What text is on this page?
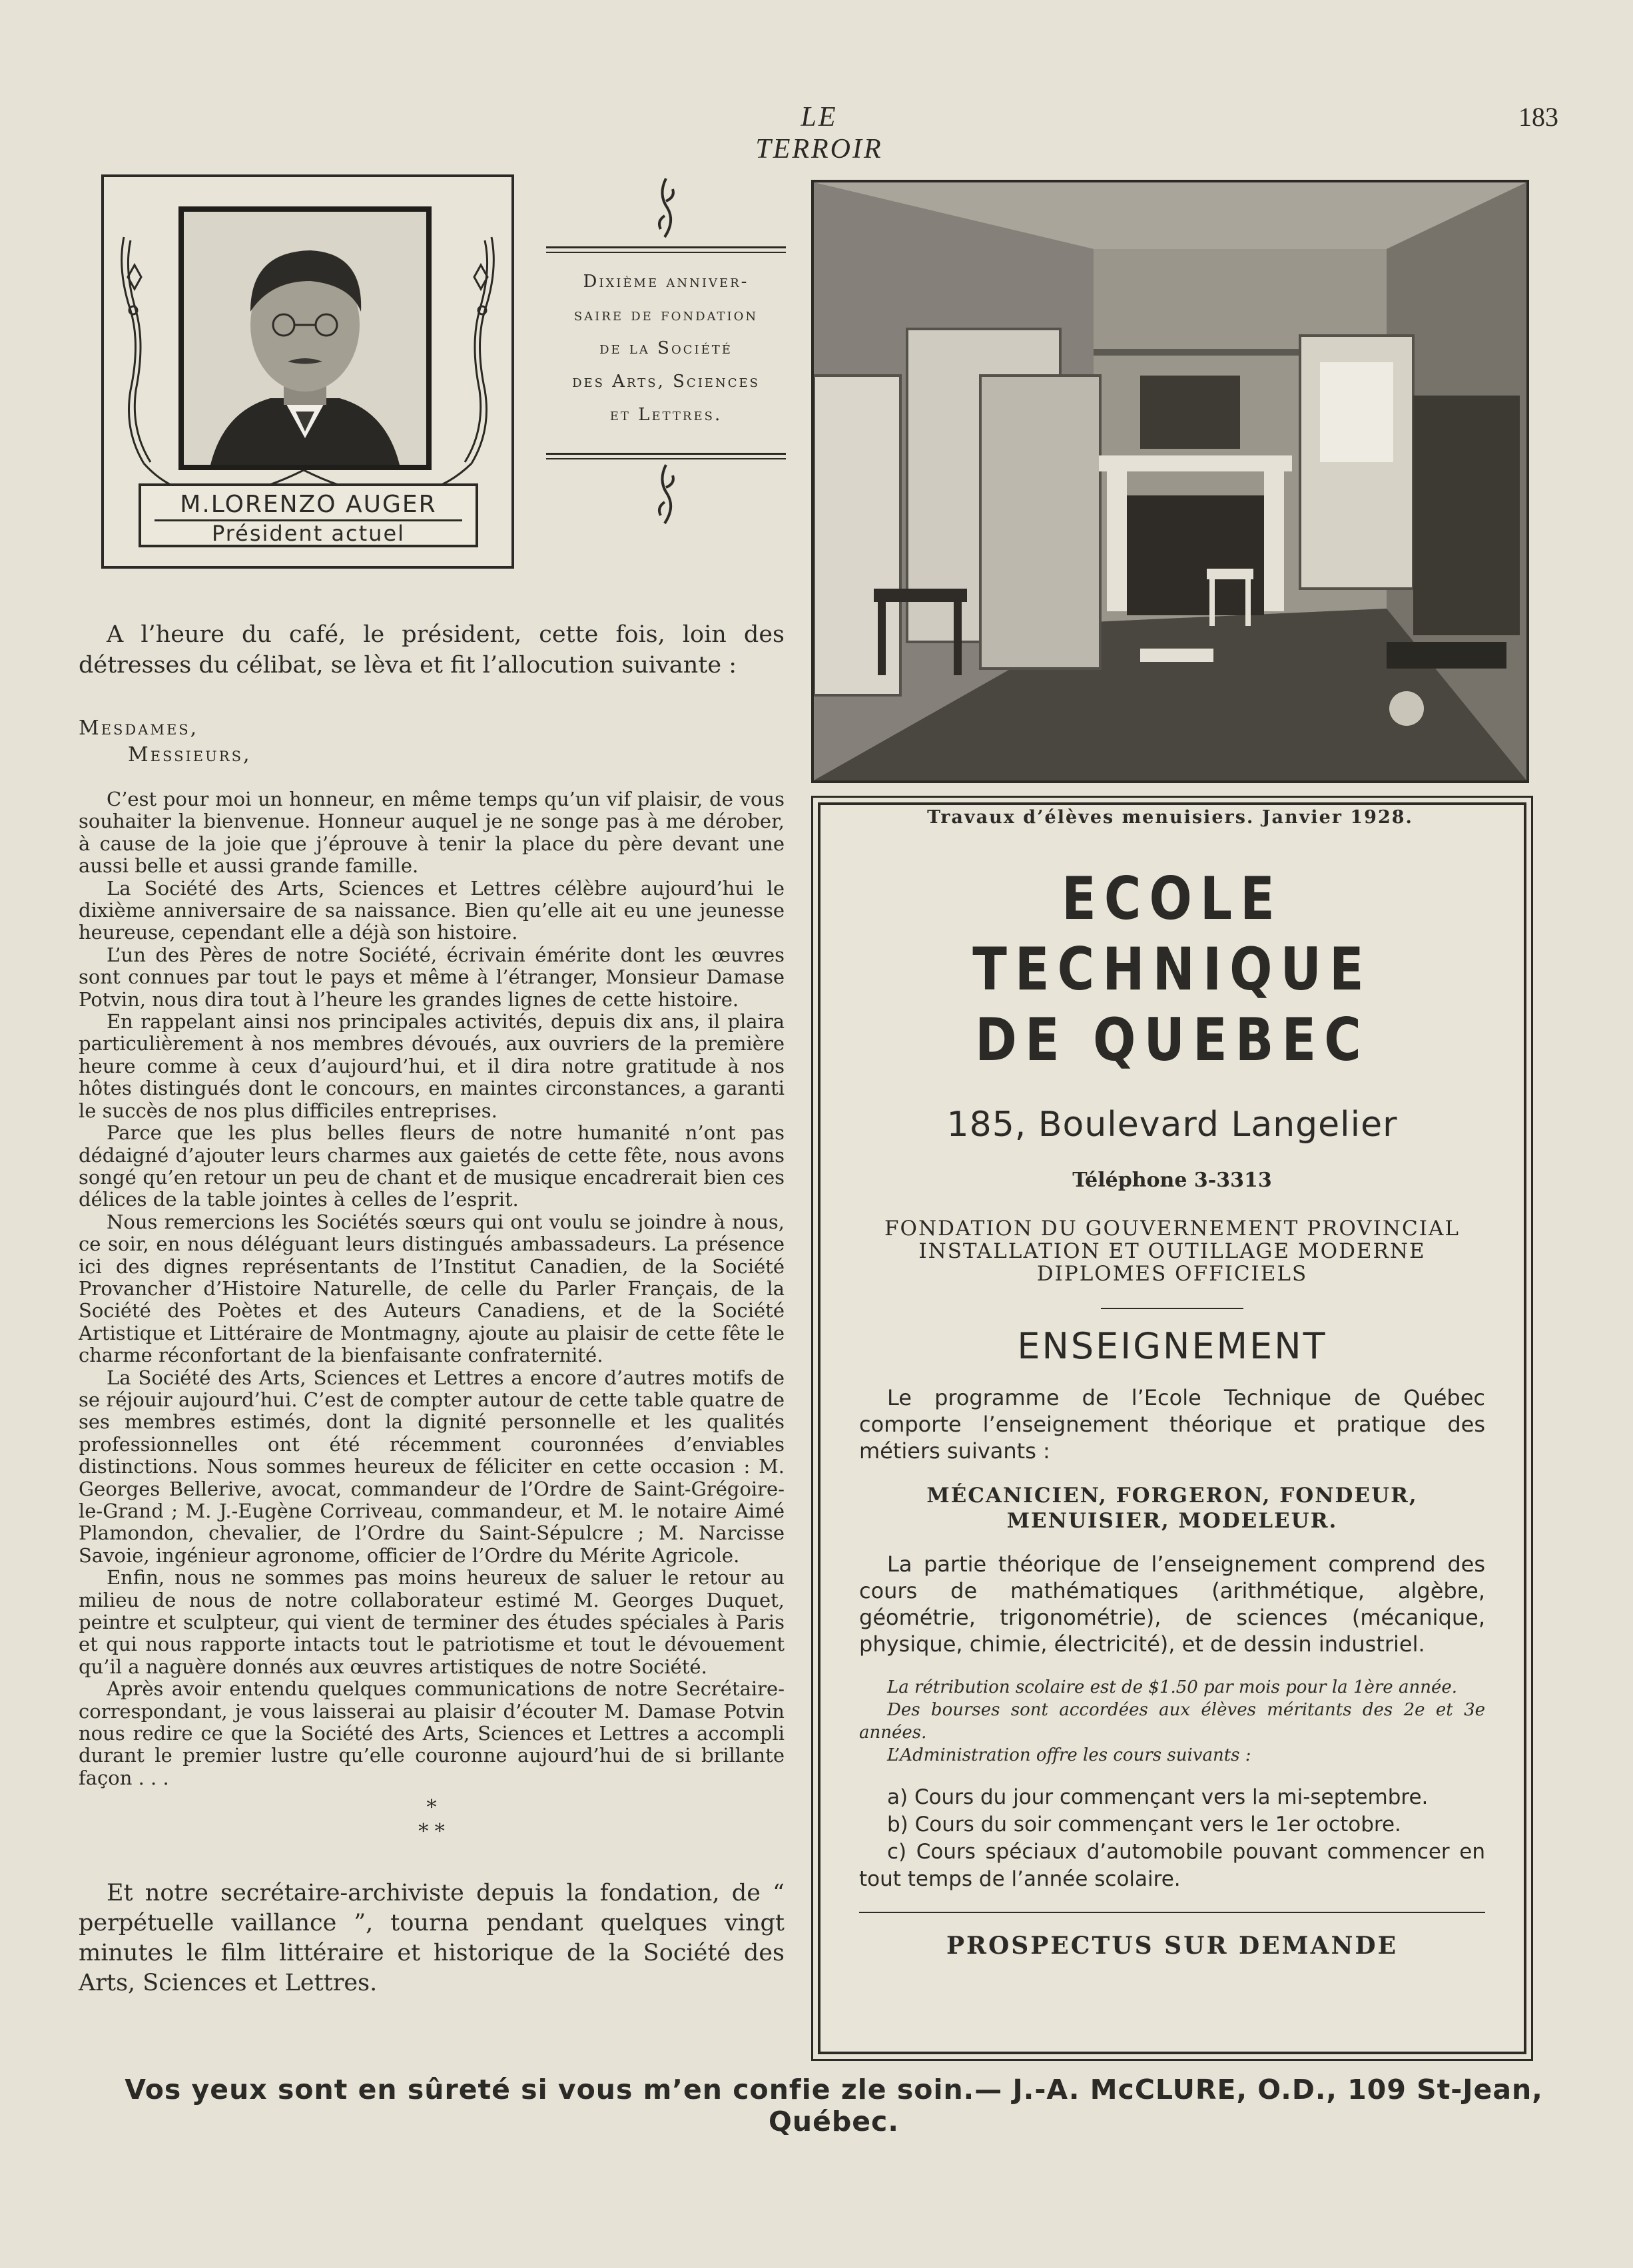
LE TERROIR
183
M.LORENZO AUGER
Président actuel
Dixième anniver-
saire de fondation
de la Société
des Arts, Sciences
et Lettres.
Travaux d’élèves menuisiers. Janvier 1928.

A l’heure du café, le président, cette fois, loin des détresses du célibat, se lèva et fit l’allocution suivante :

Mesdames,
Messieurs,

C’est pour moi un honneur, en même temps qu’un vif plaisir, de vous souhaiter la bienvenue. Honneur auquel je ne songe pas à me dérober, à cause de la joie que j’éprouve à tenir la place du père devant une aussi belle et aussi grande famille.

La Société des Arts, Sciences et Lettres célèbre aujourd’hui le dixième anniversaire de sa naissance. Bien qu’elle ait eu une jeunesse heureuse, cependant elle a déjà son histoire.

L’un des Pères de notre Société, écrivain émérite dont les œuvres sont connues par tout le pays et même à l’étranger, Monsieur Damase Potvin, nous dira tout à l’heure les grandes lignes de cette histoire.

En rappelant ainsi nos principales activités, depuis dix ans, il plaira particulièrement à nos membres dévoués, aux ouvriers de la première heure comme à ceux d’aujourd’hui, et il dira notre gratitude à nos hôtes distingués dont le concours, en maintes circonstances, a garanti le succès de nos plus difficiles entreprises.

Parce que les plus belles fleurs de notre humanité n’ont pas dédaigné d’ajouter leurs charmes aux gaietés de cette fête, nous avons songé qu’en retour un peu de chant et de musique encadrerait bien ces délices de la table jointes à celles de l’esprit.

Nous remercions les Sociétés sœurs qui ont voulu se joindre à nous, ce soir, en nous déléguant leurs distingués ambassadeurs. La présence ici des dignes représentants de l’Institut Canadien, de la Société Provancher d’Histoire Naturelle, de celle du Parler Français, de la Société des Poètes et des Auteurs Canadiens, et de la Société Artistique et Littéraire de Montmagny, ajoute au plaisir de cette fête le charme réconfortant de la bienfaisante confraternité.

La Société des Arts, Sciences et Lettres a encore d’autres motifs de se réjouir aujourd’hui. C’est de compter autour de cette table quatre de ses membres estimés, dont la dignité personnelle et les qualités professionnelles ont été récemment couronnées d’enviables distinctions. Nous sommes heureux de féliciter en cette occasion : M. Georges Bellerive, avocat, commandeur de l’Ordre de Saint-Grégoire-le-Grand ; M. J.-Eugène Corriveau, commandeur, et M. le notaire Aimé Plamondon, chevalier, de l’Ordre du Saint-Sépulcre ; M. Narcisse Savoie, ingénieur agronome, officier de l’Ordre du Mérite Agricole.

Enfin, nous ne sommes pas moins heureux de saluer le retour au milieu de nous de notre collaborateur estimé M. Georges Duquet, peintre et sculpteur, qui vient de terminer des études spéciales à Paris et qui nous rapporte intacts tout le patriotisme et tout le dévouement qu’il a naguère donnés aux œuvres artistiques de notre Société.

Après avoir entendu quelques communications de notre Secrétaire-correspondant, je vous laisserai au plaisir d’écouter M. Damase Potvin nous redire ce que la Société des Arts, Sciences et Lettres a accompli durant le premier lustre qu’elle couronne aujourd’hui de si brillante façon . . .

*
* *

Et notre secrétaire-archiviste depuis la fondation, de “ perpétuelle vaillance ”, tourna pendant quelques vingt minutes le film littéraire et historique de la Société des Arts, Sciences et Lettres.

ECOLE TECHNIQUE
DE QUEBEC
185, Boulevard Langelier
Téléphone 3-3313
FONDATION DU GOUVERNEMENT PROVINCIAL
INSTALLATION ET OUTILLAGE MODERNE
DIPLOMES OFFICIELS
ENSEIGNEMENT

Le programme de l’Ecole Technique de Québec comporte l’enseignement théorique et pratique des métiers suivants :

MÉCANICIEN, FORGERON, FONDEUR,
MENUISIER, MODELEUR.

La partie théorique de l’enseignement comprend des cours de mathématiques (arithmétique, algèbre, géométrie, trigonométrie), de sciences (mécanique, physique, chimie, électricité), et de dessin industriel.

La rétribution scolaire est de $1.50 par mois pour la 1ère année.

Des bourses sont accordées aux élèves méritants des 2e et 3e années.

L’Administration offre les cours suivants :

a) Cours du jour commençant vers la mi-septembre.

b) Cours du soir commençant vers le 1er octobre.

c) Cours spéciaux d’automobile pouvant commencer en tout temps de l’année scolaire.

PROSPECTUS SUR DEMANDE
Vos yeux sont en sûreté si vous m’en confie zle soin.— J.-A. McCLURE, O.D., 109 St-Jean, Québec.
